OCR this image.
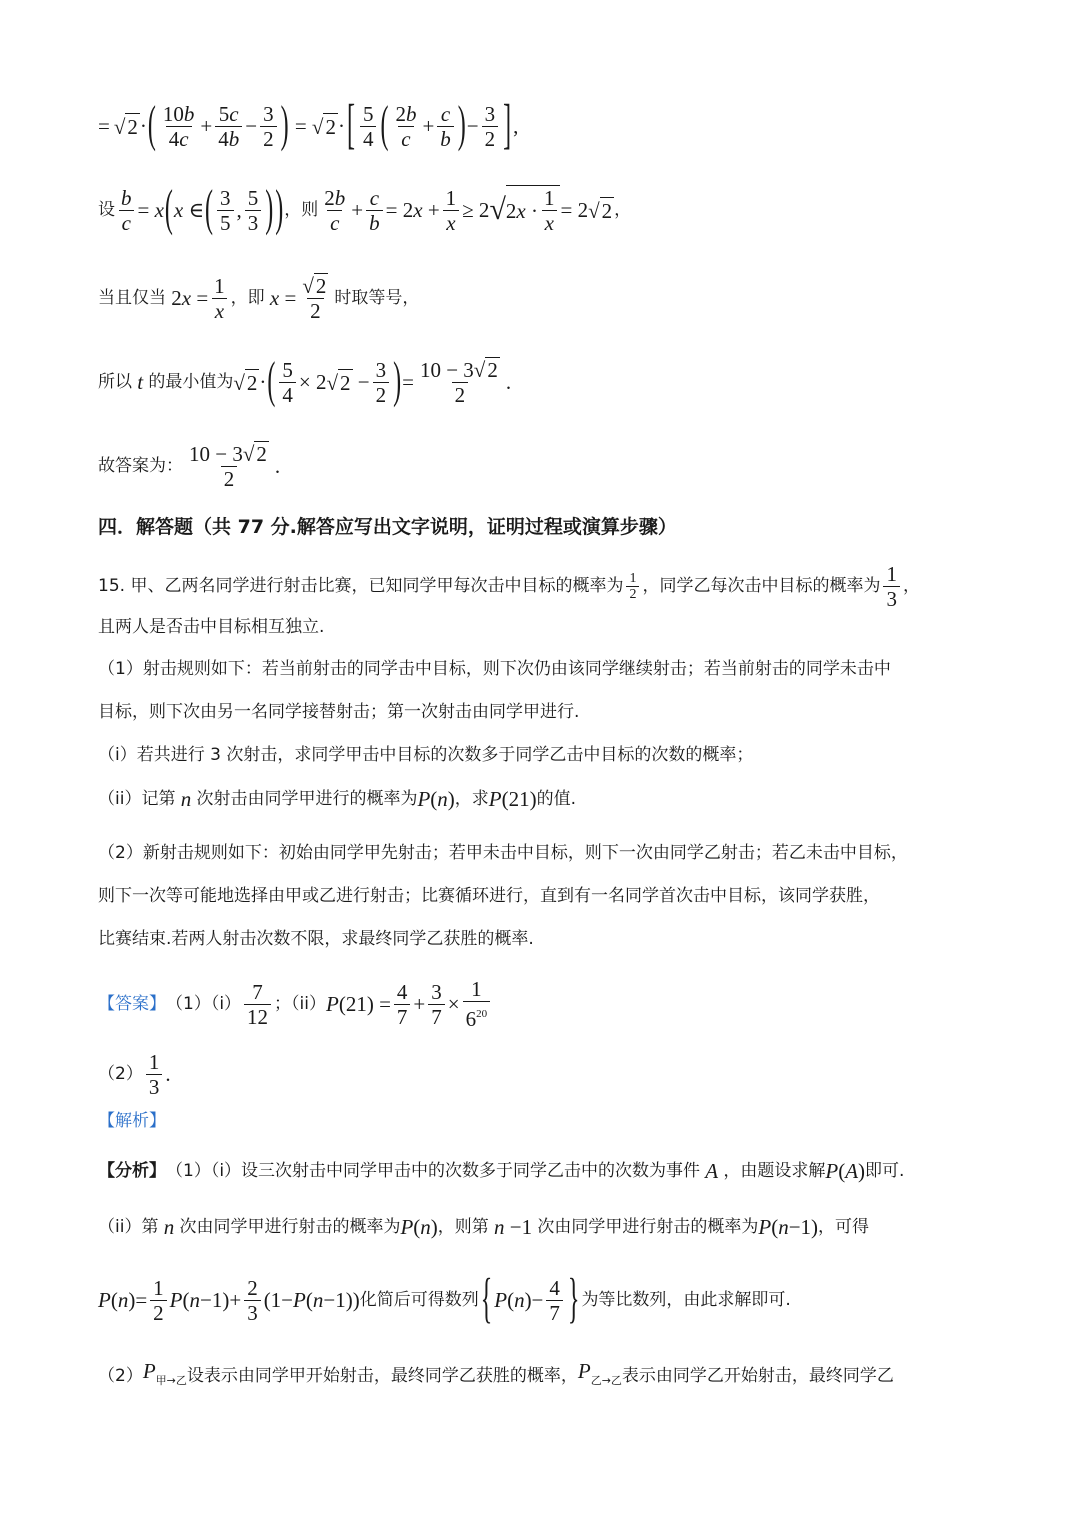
= √ 2 · ( $\frac{10b}{4c} + \frac{5c}{4b} - \frac{3}{2}$ ) = √ 2 · [ $\frac{5}{4}$ ( $\frac{2b}{c} + \frac{c}{b}$ ) − $\frac{3}{2}$ ] ,
设 $\frac{b}{c} = x$ ( x ∈ ( $\frac{3}{5}$ , $\frac{5}{3}$ ) ) ，则 $\frac{2b}{c} + \frac{c}{b} = 2$ $x + \frac{1}{x} \ge 2$ √ 2 $x \cdot \frac{1}{x} = 2$ √ 2 ，
当且仅当 2 $x = \frac{1}{x}$ ，即
$x = \frac{√ 2}{2}$ 时取等号，
所以 t 的最小值为 √ 2 · ( $\frac{5}{4} \times 2$ √ $2 - \frac{3}{2}$ ) = $\frac{10 - 3√ 2}{2}$ .
故答案为： $\frac{10 - 3√ 2}{2}$ .
四．解答题（共 77 分.解答应写出文字说明，证明过程或演算步骤）
15. 甲、乙两名同学进行射击比赛，已知同学甲每次击中目标的概率为 $\frac{1}{2}$ ，同学乙每次击中目标的概率为 $\frac{1}{3}$ ，
且两人是否击中目标相互独立.
（1）射击规则如下：若当前射击的同学击中目标，则下次仍由该同学继续射击；若当前射击的同学未击中
目标，则下次由另一名同学接替射击；第一次射击由同学甲进行.
（i）若共进行 3 次射击，求同学甲击中目标的次数多于同学乙击中目标的次数的概率；
（ii）记第 n 次射击由同学甲进行的概率为 P(n) ，求 P(21) 的值.
（2）新射击规则如下：初始由同学甲先射击；若甲未击中目标，则下一次由同学乙射击；若乙未击中目标，
则下一次等可能地选择由甲或乙进行射击；比赛循环进行，直到有一名同学首次击中目标，该同学获胜，
比赛结束.若两人射击次数不限，求最终同学乙获胜的概率.
【答案】 $(1)(i) \frac{7}{12}$ ；（ii） P $(21) = \frac{4}{7} + \frac{3}{7} \times \frac{1}{6^{20}}$
$(2) \frac{1}{3}$ .
【解析】
【分析】 （1）（i）设三次射击中同学甲击中的次数多于同学乙击中的次数为事件 A ，由题设求解 P(A) 即可.
（ii）第 n 次由同学甲进行射击的概率为 P(n) ，则第 n −1 次由同学甲进行射击的概率为 P(n−1) ，可得
P ( n )= $\frac{1}{2}$ P ( $n -1)+ \frac{2}{3} (1- P$ ( n −1)) 化简后可得数列 { P ( n )− $\frac{4}{7}$ } 为等比数列，由此求解即可.
（2） $P_{甲\to 乙}$ 设表示由同学甲开始射击，最终同学乙获胜的概率， $P_{乙\to 乙}$ 表示由同学乙开始射击，最终同学乙
